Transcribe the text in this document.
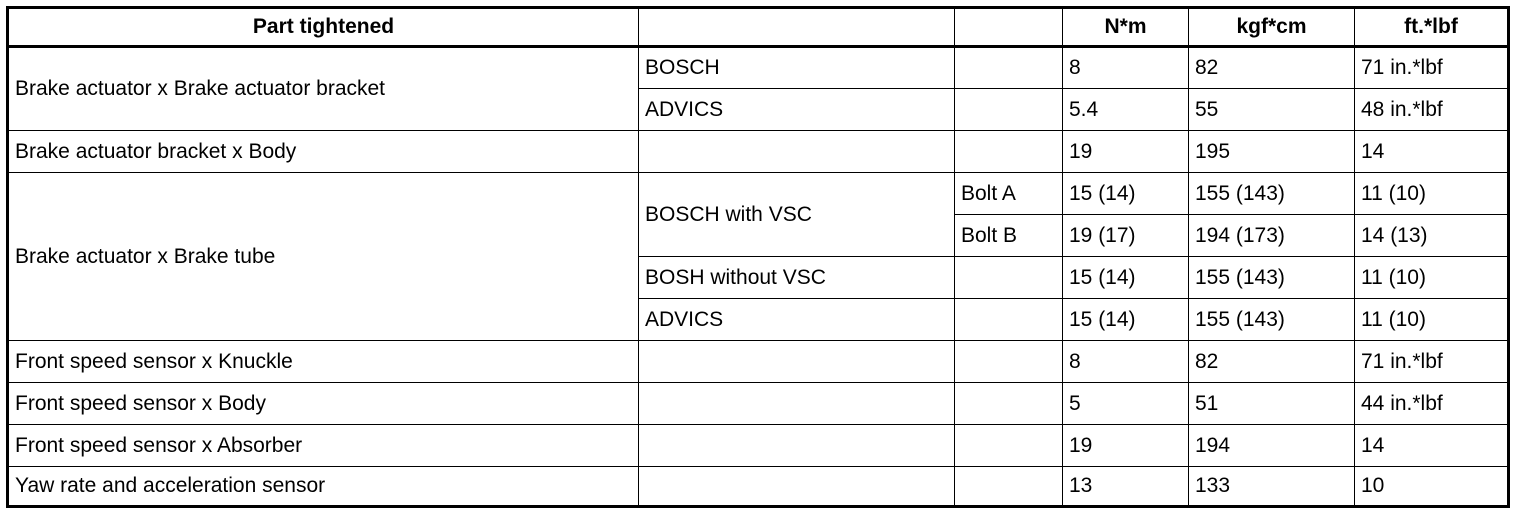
Part tightened			N*m	kgf*cm	ft.*lbf
Brake actuator x Brake actuator bracket	BOSCH		8	82	71 in.*lbf
	ADVICS		5.4	55	48 in.*lbf
Brake actuator bracket x Body			19	195	14
Brake actuator x Brake tube	BOSCH with VSC	Bolt A	15 (14)	155 (143)	11 (10)
		Bolt B	19 (17)	194 (173)	14 (13)
	BOSH without VSC		15 (14)	155 (143)	11 (10)
	ADVICS		15 (14)	155 (143)	11 (10)
Front speed sensor x Knuckle			8	82	71 in.*lbf
Front speed sensor x Body			5	51	44 in.*lbf
Front speed sensor x Absorber			19	194	14
Yaw rate and acceleration sensor			13	133	10
